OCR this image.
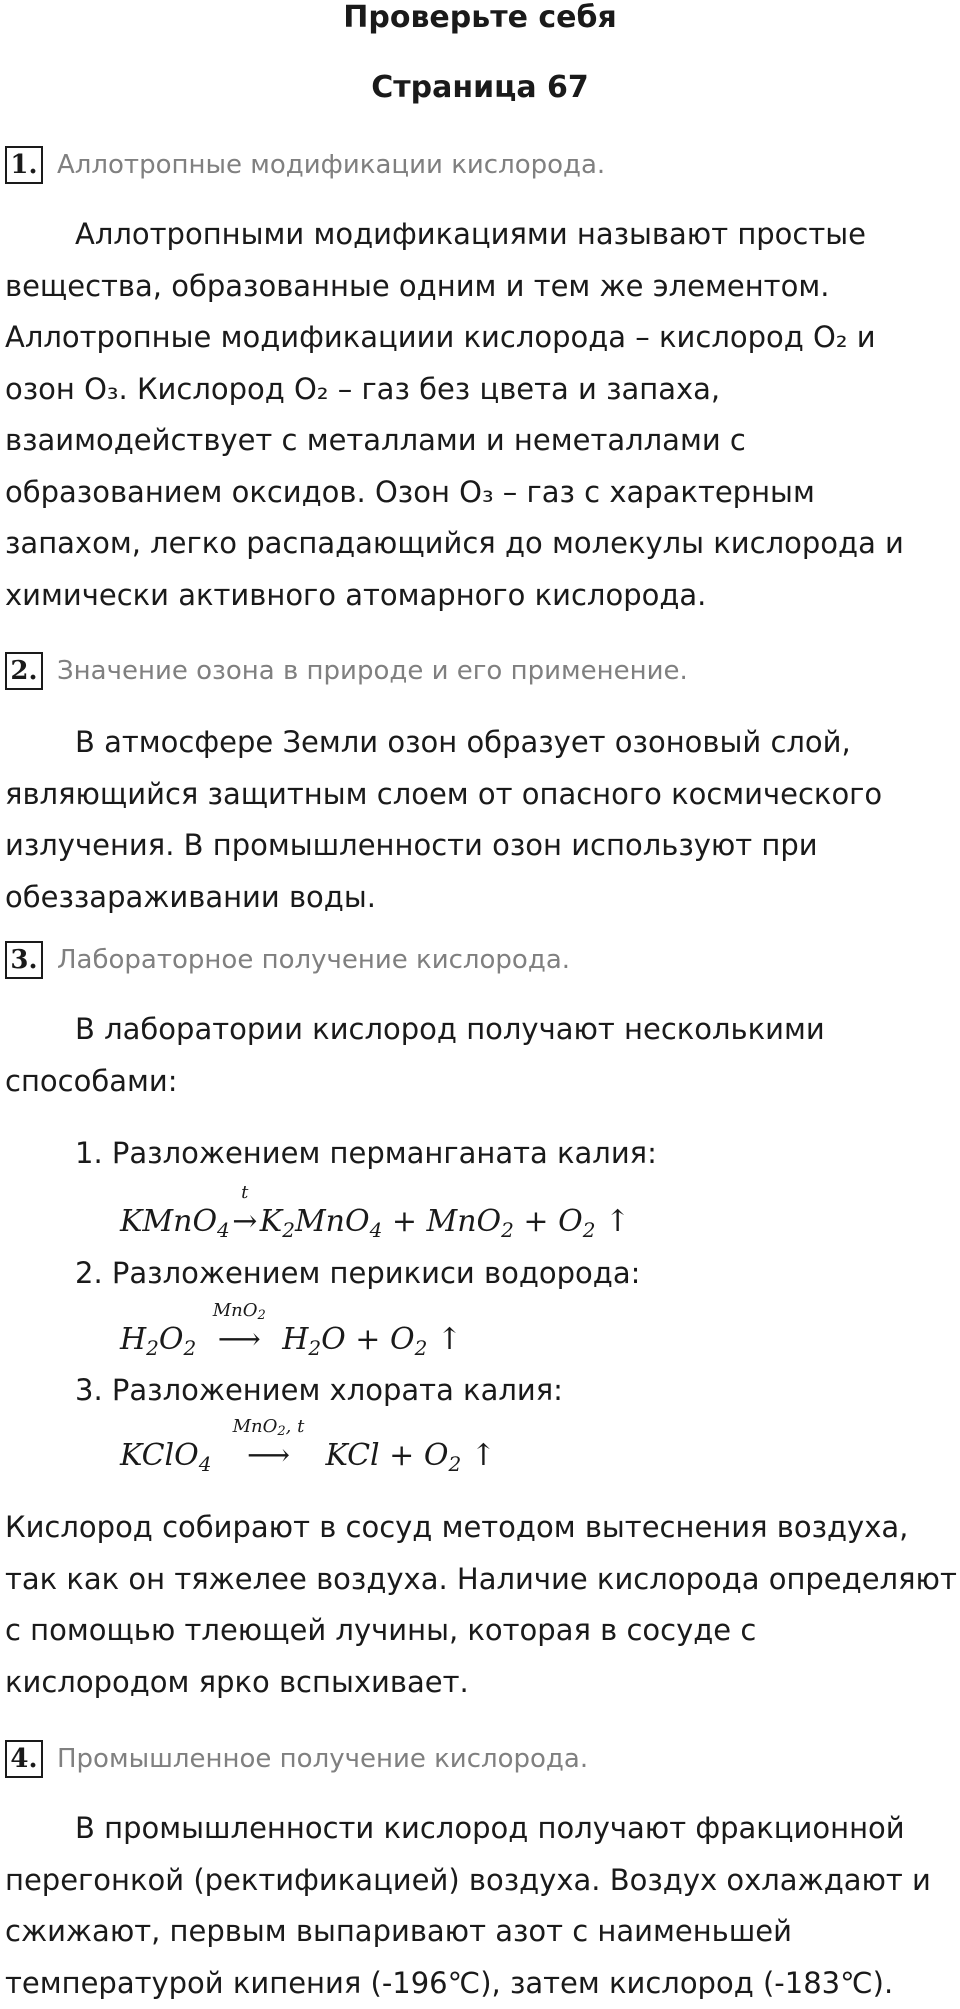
Проверьте себя
Страница 67
1. Аллотропные модификации кислорода.
Аллотропными модификациями называют простые
вещества, образованные одним и тем же элементом.
Аллотропные модификациии кислорода – кислород O₂ и
озон O₃. Кислород O₂ – газ без цвета и запаха,
взаимодействует с металлами и неметаллами с
образованием оксидов. Озон O₃ – газ с характерным
запахом, легко распадающийся до молекулы кислорода и
химически активного атомарного кислорода.
2. Значение озона в природе и его применение.
В атмосфере Земли озон образует озоновый слой,
являющийся защитным слоем от опасного космического
излучения. В промышленности озон используют при
обеззараживании воды.
3. Лабораторное получение кислорода.
В лаборатории кислород получают несколькими
способами:
1. Разложением перманганата калия:
KMnO$_4$
t
$\to K_2MnO_4 + MnO_2 + O_2$ ↑
2. Разложением перикиси водорода:
$H_2O_2$
MnO$_2$
⟶ $H_2O + O_2$ ↑
3. Разложением хлората калия:
KClO$_4$
MnO$_2$, t
⟶ KCl + $O_2$ ↑
Кислород собирают в сосуд методом вытеснения воздуха,
так как он тяжелее воздуха. Наличие кислорода определяют
с помощью тлеющей лучины, которая в сосуде с
кислородом ярко вспыхивает.
4. Промышленное получение кислорода.
В промышленности кислород получают фракционной
перегонкой (ректификацией) воздуха. Воздух охлаждают и
сжижают, первым выпаривают азот с наименьшей
температурой кипения (-196℃), затем кислород (-183℃).
